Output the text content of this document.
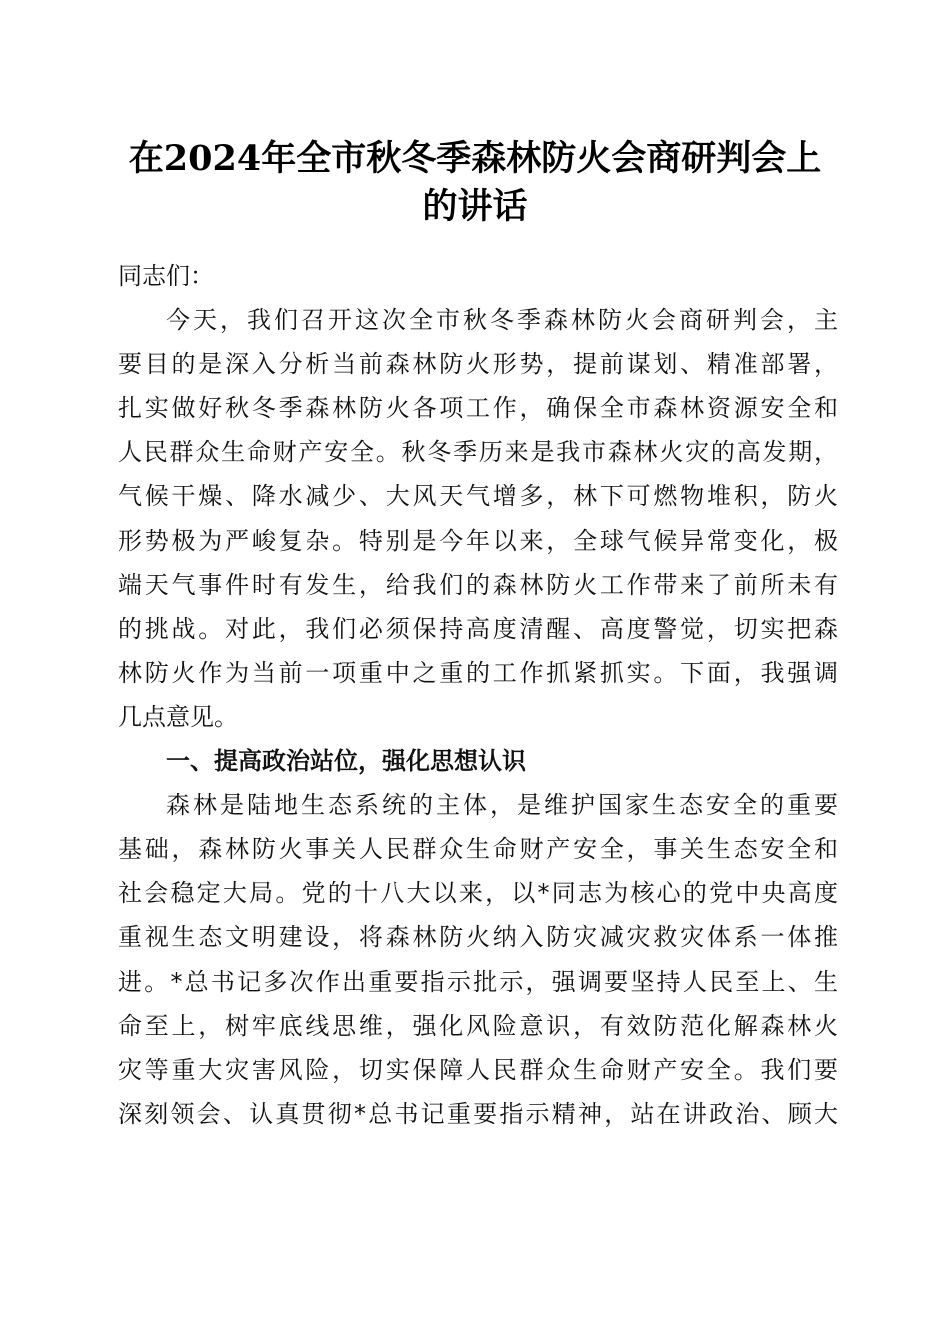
在2024年全市秋冬季森林防火会商研判会上
的讲话
同志们：
今天，我们召开这次全市秋冬季森林防火会商研判会，主
要目的是深入分析当前森林防火形势，提前谋划、精准部署，
扎实做好秋冬季森林防火各项工作，确保全市森林资源安全和
人民群众生命财产安全。秋冬季历来是我市森林火灾的高发期，
气候干燥、降水减少、大风天气增多，林下可燃物堆积，防火
形势极为严峻复杂。特别是今年以来，全球气候异常变化，极
端天气事件时有发生，给我们的森林防火工作带来了前所未有
的挑战。对此，我们必须保持高度清醒、高度警觉，切实把森
林防火作为当前一项重中之重的工作抓紧抓实。下面，我强调
几点意见。
一、提高政治站位，强化思想认识
森林是陆地生态系统的主体，是维护国家生态安全的重要
基础，森林防火事关人民群众生命财产安全，事关生态安全和
社会稳定大局。党的十八大以来，以*同志为核心的党中央高度
重视生态文明建设，将森林防火纳入防灾减灾救灾体系一体推
进。*总书记多次作出重要指示批示，强调要坚持人民至上、生
命至上，树牢底线思维，强化风险意识，有效防范化解森林火
灾等重大灾害风险，切实保障人民群众生命财产安全。我们要
深刻领会、认真贯彻*总书记重要指示精神，站在讲政治、顾大
